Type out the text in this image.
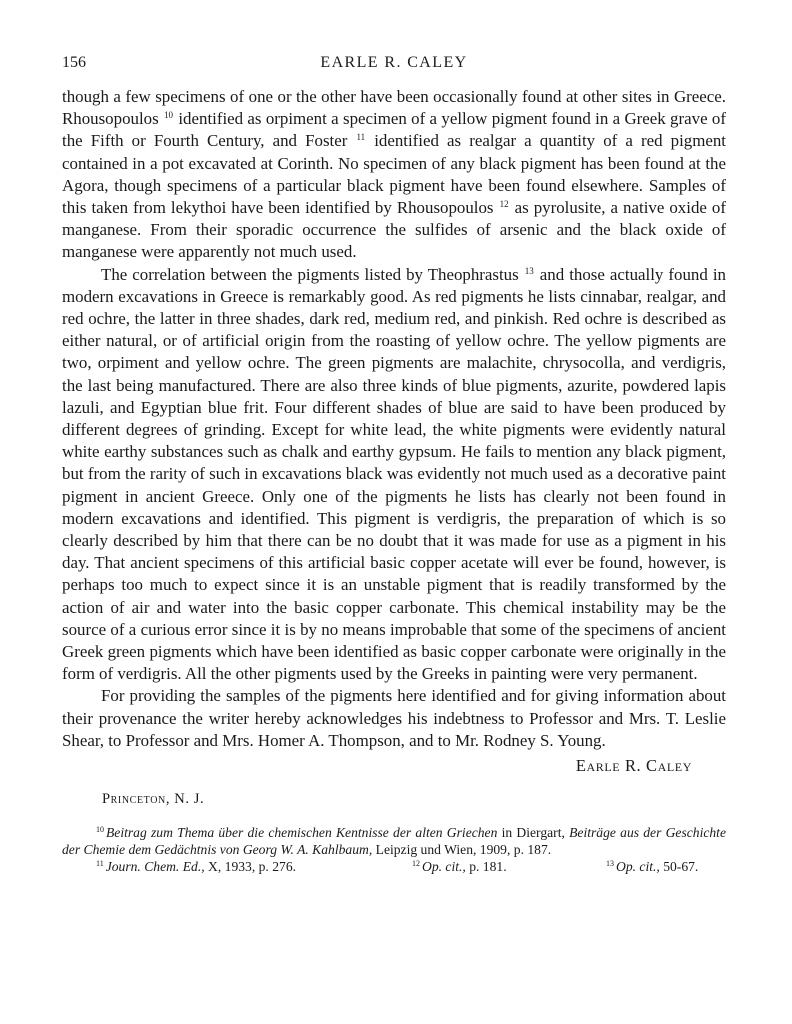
156	EARLE R. CALEY

though a few specimens of one or the other have been occasionally found at other sites in Greece. Rhousopoulos $^{10}$ identified as orpiment a specimen of a yellow pigment found in a Greek grave of the Fifth or Fourth Century, and Foster $^{11}$ identified as realgar a quantity of a red pigment contained in a pot excavated at Corinth. No specimen of any black pigment has been found at the Agora, though specimens of a particular black pigment have been found elsewhere. Samples of this taken from lekythoi have been identified by Rhousopoulos $^{12}$ as pyrolusite, a native oxide of manganese. From their sporadic occurrence the sulfides of arsenic and the black oxide of manganese were apparently not much used.

The correlation between the pigments listed by Theophrastus $^{13}$ and those actually found in modern excavations in Greece is remarkably good. As red pigments he lists cinnabar, realgar, and red ochre, the latter in three shades, dark red, medium red, and pinkish. Red ochre is described as either natural, or of artificial origin from the roasting of yellow ochre. The yellow pigments are two, orpiment and yellow ochre. The green pigments are malachite, chrysocolla, and verdigris, the last being manufactured. There are also three kinds of blue pigments, azurite, powdered lapis lazuli, and Egyptian blue frit. Four different shades of blue are said to have been produced by different degrees of grinding. Except for white lead, the white pigments were evidently natural white earthy substances such as chalk and earthy gypsum. He fails to mention any black pigment, but from the rarity of such in excavations black was evidently not much used as a decorative paint pigment in ancient Greece. Only one of the pigments he lists has clearly not been found in modern excavations and identified. This pigment is verdigris, the preparation of which is so clearly described by him that there can be no doubt that it was made for use as a pigment in his day. That ancient specimens of this artificial basic copper acetate will ever be found, however, is perhaps too much to expect since it is an unstable pigment that is readily transformed by the action of air and water into the basic copper carbonate. This chemical instability may be the source of a curious error since it is by no means improbable that some of the specimens of ancient Greek green pigments which have been identified as basic copper carbonate were originally in the form of verdigris. All the other pigments used by the Greeks in painting were very permanent.

For providing the samples of the pigments here identified and for giving information about their provenance the writer hereby acknowledges his indebtness to Professor and Mrs. T. Leslie Shear, to Professor and Mrs. Homer A. Thompson, and to Mr. Rodney S. Young.

Earle R. Caley
Princeton, N. J.

$^{10}$ Beitrag zum Thema über die chemischen Kentnisse der alten Griechen in Diergart, Beiträge aus der Geschichte der Chemie dem Gedächtnis von Georg W. A. Kahlbaum, Leipzig und Wien, 1909, p. 187.

$^{11}$ Journ. Chem. Ed., X, 1933, p. 276.	$^{12}$ Op. cit., p. 181.	$^{13}$ Op. cit., 50-67.
